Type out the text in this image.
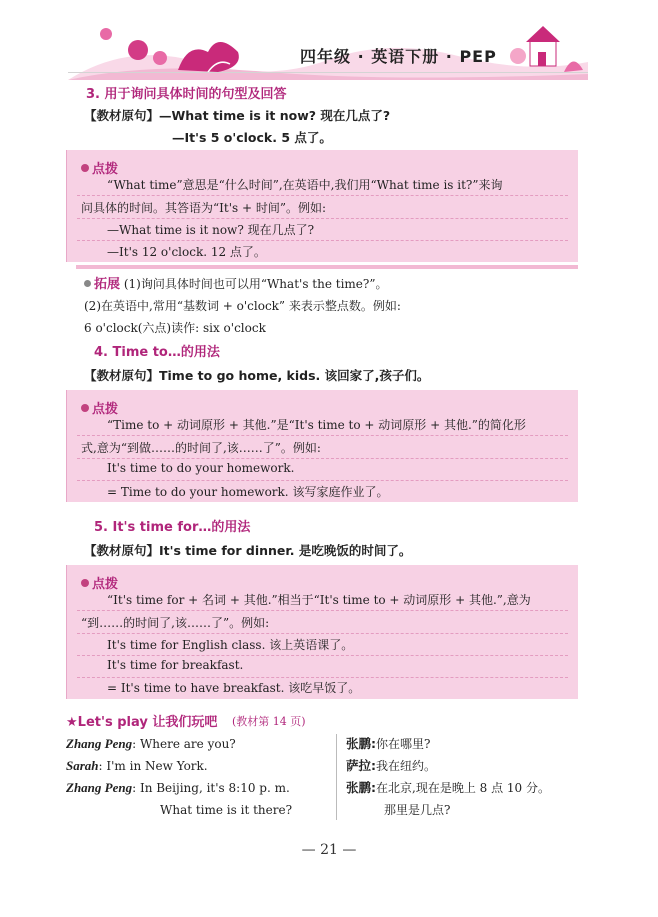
四年级 · 英语下册 · PEP
3. 用于询问具体时间的句型及回答
【教材原句】—What time is it now? 现在几点了?
—It's 5 o'clock. 5 点了。
点拨
“What time”意思是“什么时间”,在英语中,我们用“What time is it?”来询
问具体的时间。其答语为“It's + 时间”。例如:
—What time is it now? 现在几点了?
—It's 12 o'clock. 12 点了。
拓展 (1)询问具体时间也可以用“What's the time?”。
(2)在英语中,常用“基数词 + o'clock” 来表示整点数。例如:
6 o'clock(六点)读作: six o'clock
4. Time to…的用法
【教材原句】Time to go home, kids. 该回家了,孩子们。
点拨
“Time to + 动词原形 + 其他.”是“It's time to + 动词原形 + 其他.”的简化形
式,意为“到做……的时间了,该……了”。例如:
It's time to do your homework.
= Time to do your homework. 该写家庭作业了。
5. It's time for…的用法
【教材原句】It's time for dinner. 是吃晚饭的时间了。
点拨
“It's time for + 名词 + 其他.”相当于“It's time to + 动词原形 + 其他.”,意为
“到……的时间了,该……了”。例如:
It's time for English class. 该上英语课了。
It's time for breakfast.
= It's time to have breakfast. 该吃早饭了。
★Let's play 让我们玩吧 (教材第 14 页)
Zhang Peng: Where are you?
Sarah: I'm in New York.
Zhang Peng: In Beijing, it's 8:10 p. m.
What time is it there?
张鹏:你在哪里?
萨拉:我在纽约。
张鹏:在北京,现在是晚上 8 点 10 分。
那里是几点?
— 21 —
